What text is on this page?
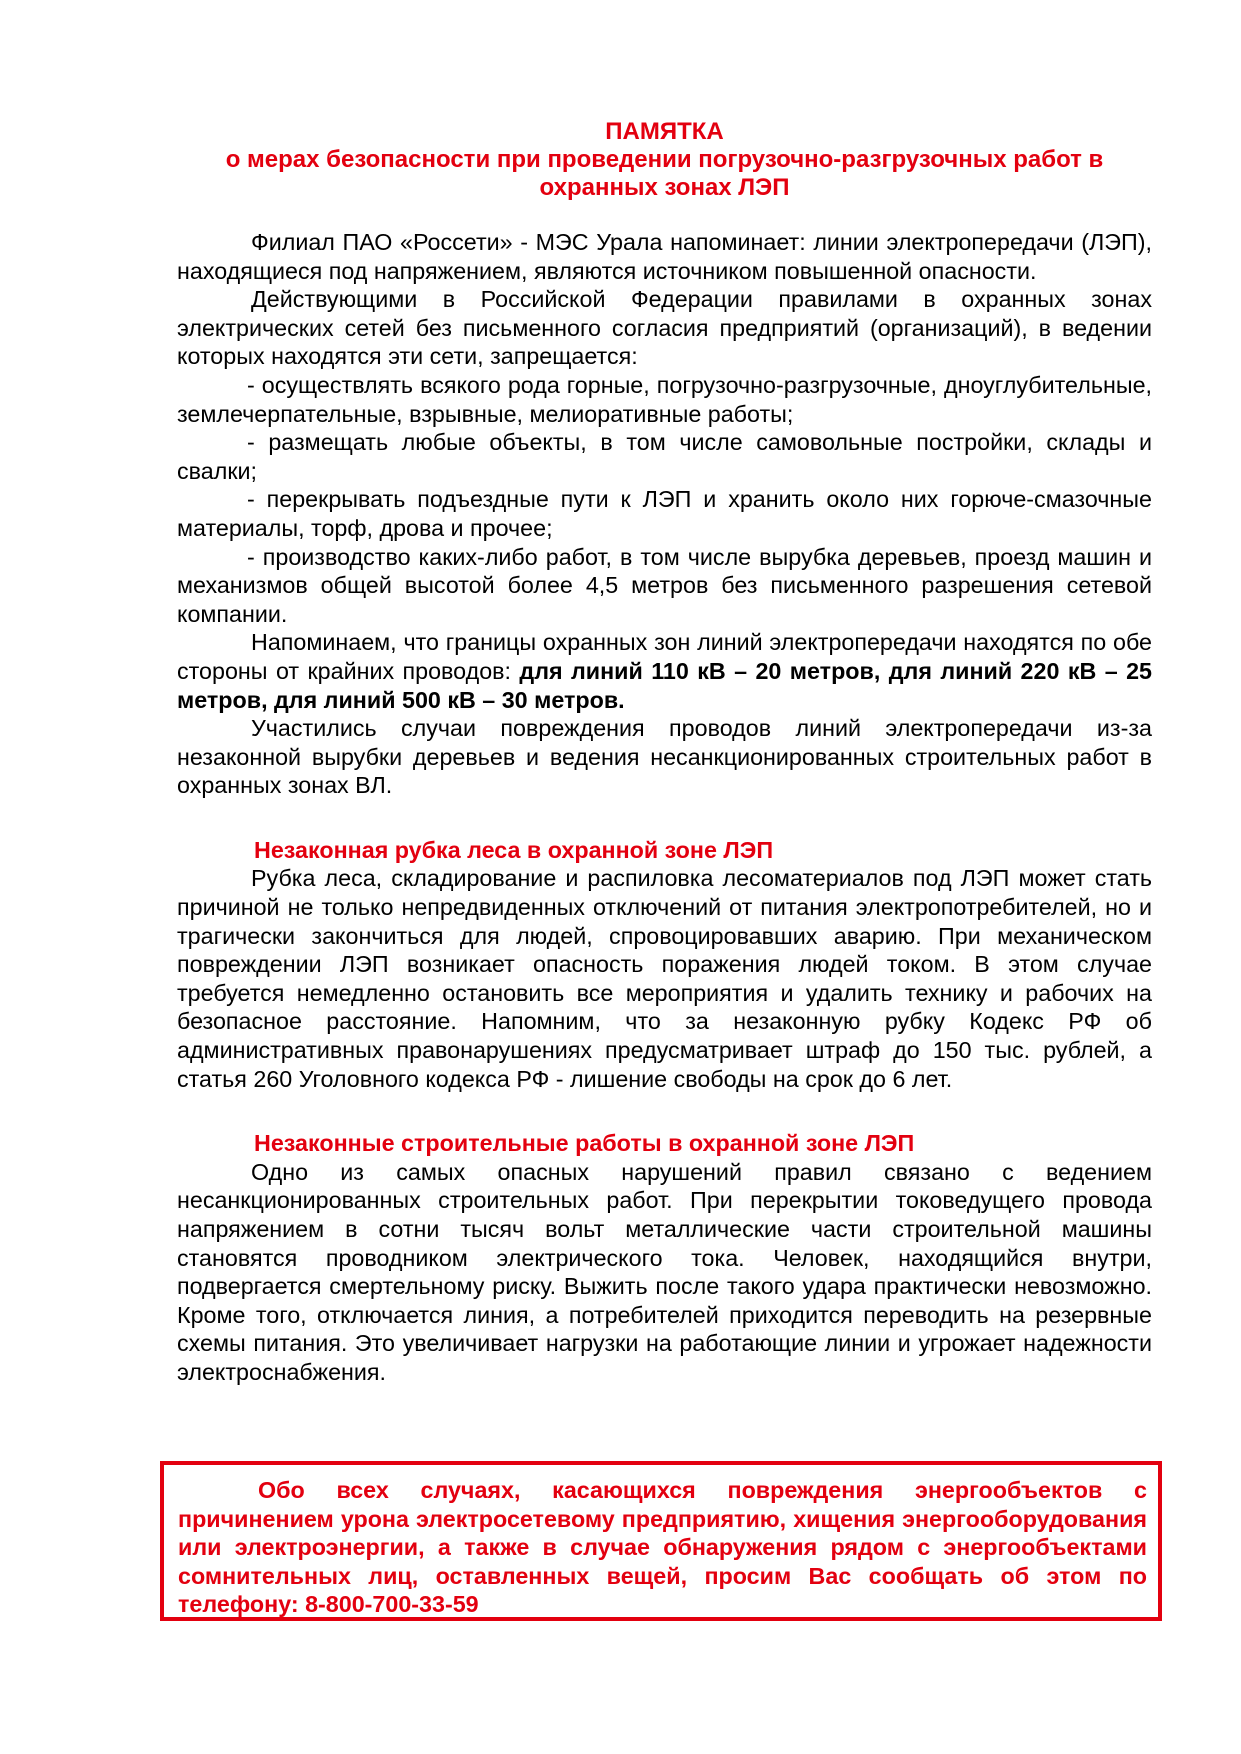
ПАМЯТКА
о мерах безопасности при проведении погрузочно-разгрузочных работ в
охранных зонах ЛЭП

Филиал ПАО «Россети» - МЭС Урала напоминает: линии электропередачи (ЛЭП), находящиеся под напряжением, являются источником повышенной опасности.

Действующими в Российской Федерации правилами в охранных зонах электрических сетей без письменного согласия предприятий (организаций), в ведении которых находятся эти сети, запрещается:

- осуществлять всякого рода горные, погрузочно-разгрузочные, дноуглубительные, землечерпательные, взрывные, мелиоративные работы;

- размещать любые объекты, в том числе самовольные постройки, склады и свалки;

- перекрывать подъездные пути к ЛЭП и хранить около них горюче-смазочные материалы, торф, дрова и прочее;

- производство каких-либо работ, в том числе вырубка деревьев, проезд машин и механизмов общей высотой более 4,5 метров без письменного разрешения сетевой компании.

Напоминаем, что границы охранных зон линий электропередачи находятся по обе стороны от крайних проводов: для линий 110 кВ – 20 метров, для линий 220 кВ – 25 метров, для линий 500 кВ – 30 метров.

Участились случаи повреждения проводов линий электропередачи из-за незаконной вырубки деревьев и ведения несанкционированных строительных работ в охранных зонах ВЛ.

Незаконная рубка леса в охранной зоне ЛЭП

Рубка леса, складирование и распиловка лесоматериалов под ЛЭП может стать причиной не только непредвиденных отключений от питания электропотребителей, но и трагически закончиться для людей, спровоцировавших аварию. При механическом повреждении ЛЭП возникает опасность поражения людей током. В этом случае требуется немедленно остановить все мероприятия и удалить технику и рабочих на безопасное расстояние. Напомним, что за незаконную рубку Кодекс РФ об административных правонарушениях предусматривает штраф до 150 тыс. рублей, а статья 260 Уголовного кодекса РФ - лишение свободы на срок до 6 лет.

Незаконные строительные работы в охранной зоне ЛЭП

Одно из самых опасных нарушений правил связано с ведением несанкционированных строительных работ. При перекрытии токоведущего провода напряжением в сотни тысяч вольт металлические части строительной машины становятся проводником электрического тока. Человек, находящийся внутри, подвергается смертельному риску. Выжить после такого удара практически невозможно. Кроме того, отключается линия, а потребителей приходится переводить на резервные схемы питания. Это увеличивает нагрузки на работающие линии и угрожает надежности электроснабжения.

Обо всех случаях, касающихся повреждения энергообъектов с причинением урона электросетевому предприятию, хищения энергооборудования или электроэнергии, а также в случае обнаружения рядом с энергообъектами сомнительных лиц, оставленных вещей, просим Вас сообщать об этом по телефону: 8-800-700-33-59
